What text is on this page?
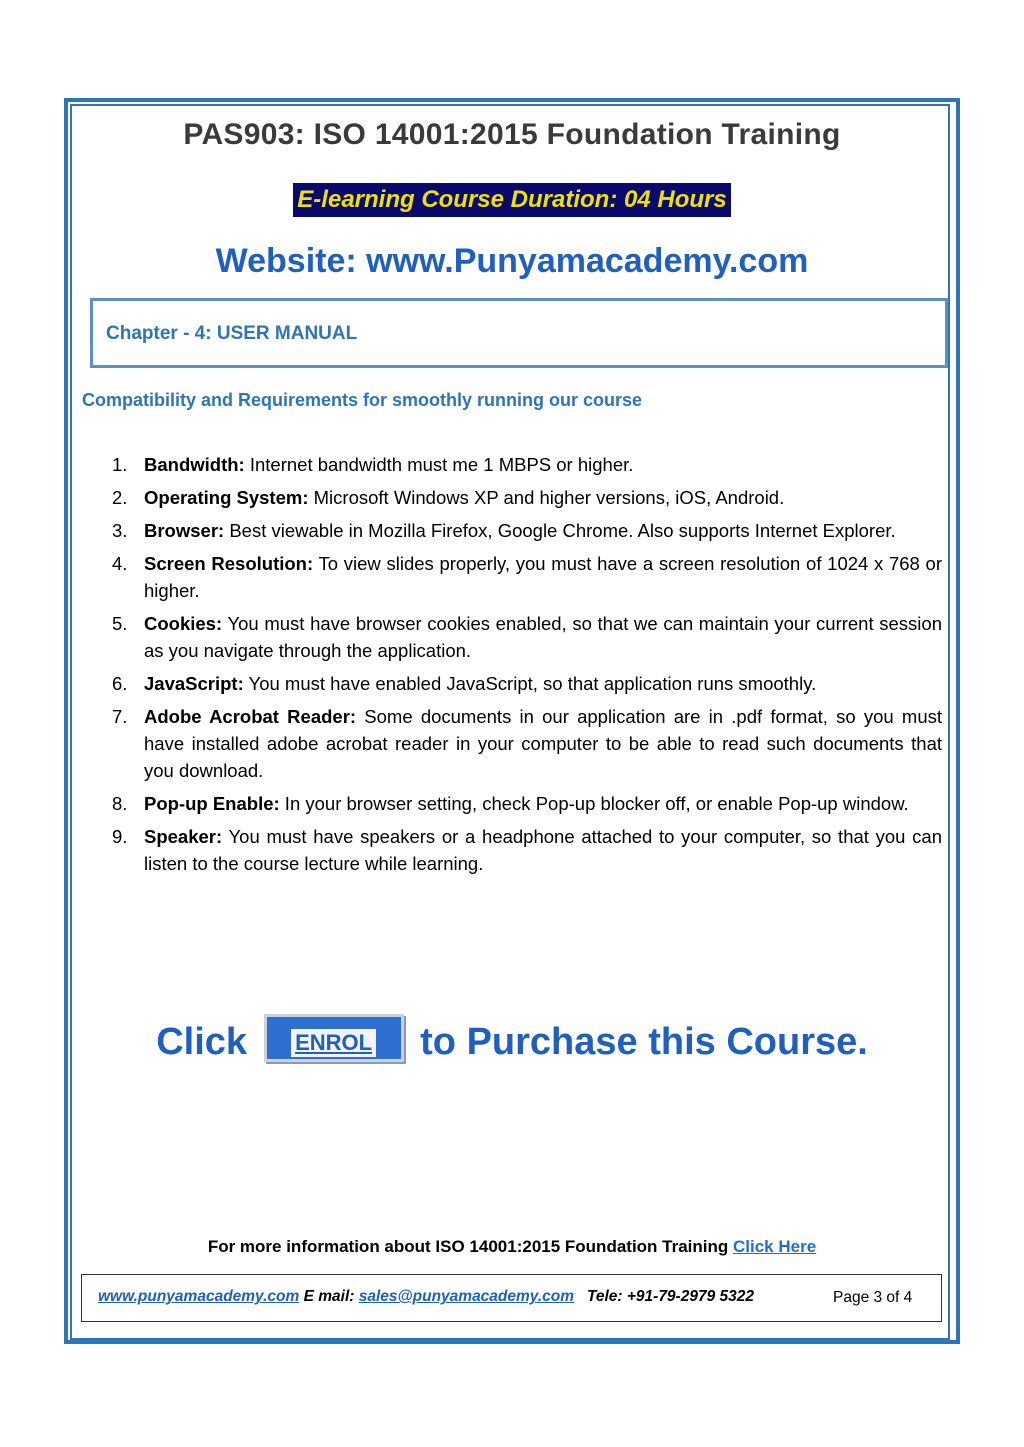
PAS903: ISO 14001:2015 Foundation Training
E-learning Course Duration: 04 Hours
Website: www.Punyamacademy.com
Chapter - 4: USER MANUAL
Compatibility and Requirements for smoothly running our course
1. Bandwidth: Internet bandwidth must me 1 MBPS or higher.
2. Operating System: Microsoft Windows XP and higher versions, iOS, Android.
3. Browser: Best viewable in Mozilla Firefox, Google Chrome. Also supports Internet Explorer.
4. Screen Resolution: To view slides properly, you must have a screen resolution of 1024 x 768 or higher.
5. Cookies: You must have browser cookies enabled, so that we can maintain your current session as you navigate through the application.
6. JavaScript: You must have enabled JavaScript, so that application runs smoothly.
7. Adobe Acrobat Reader: Some documents in our application are in .pdf format, so you must have installed adobe acrobat reader in your computer to be able to read such documents that you download.
8. Pop-up Enable: In your browser setting, check Pop-up blocker off, or enable Pop-up window.
9. Speaker: You must have speakers or a headphone attached to your computer, so that you can listen to the course lecture while learning.
Click ENROL to Purchase this Course.
For more information about ISO 14001:2015 Foundation Training Click Here
www.punyamacademy.com E mail: sales@punyamacademy.com Tele: +91-79-2979 5322	Page 3 of 4
